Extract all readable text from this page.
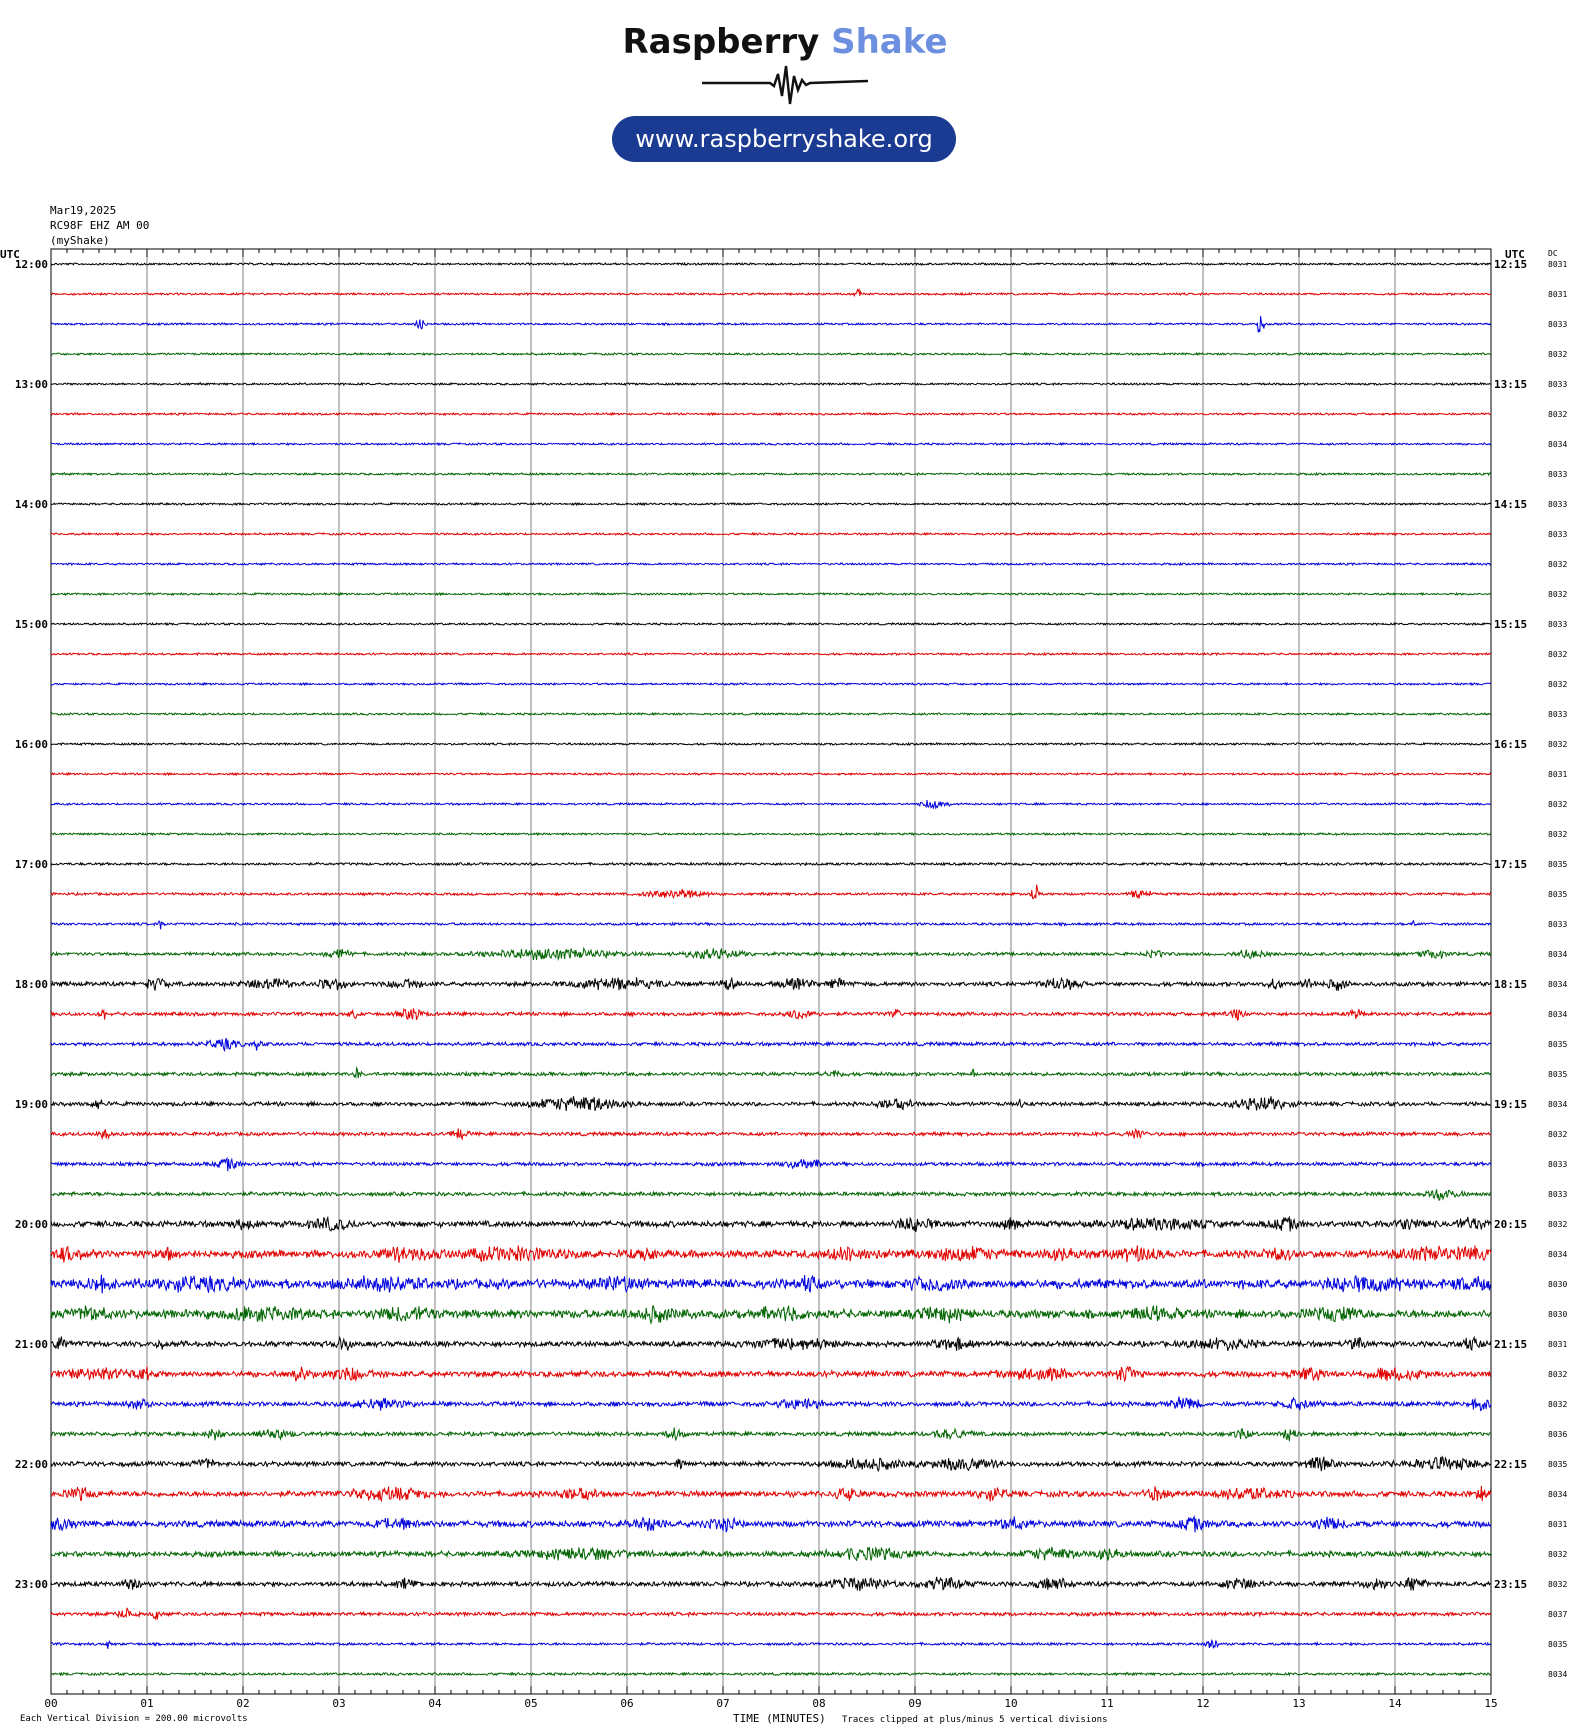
Raspberry Shake
www.raspberryshake.org
Mar19,2025
RC98F EHZ AM 00
(myShake)
00	01	02	03	04	05	06	07	08	09	10	11	12	13	14	15
UTC	UTC	DC
12:00
13:00
14:00
15:00
16:00
17:00
18:00
19:00
20:00
21:00
22:00
23:00
12:15
13:15
14:15
15:15
16:15
17:15
18:15
19:15
20:15
21:15
22:15
23:15
8031
8031
8033
8032
8033
8032
8034
8033
8033
8033
8032
8032
8033
8032
8032
8033
8032
8031
8032
8032
8035
8035
8033
8034
8034
8034
8035
8035
8034
8032
8033
8033
8032
8034
8030
8030
8031
8032
8032
8036
8035
8034
8031
8032
8032
8037
8035
8034
Each Vertical Division = 200.00 microvolts	TIME (MINUTES) Traces clipped at plus/minus 5 vertical divisions
